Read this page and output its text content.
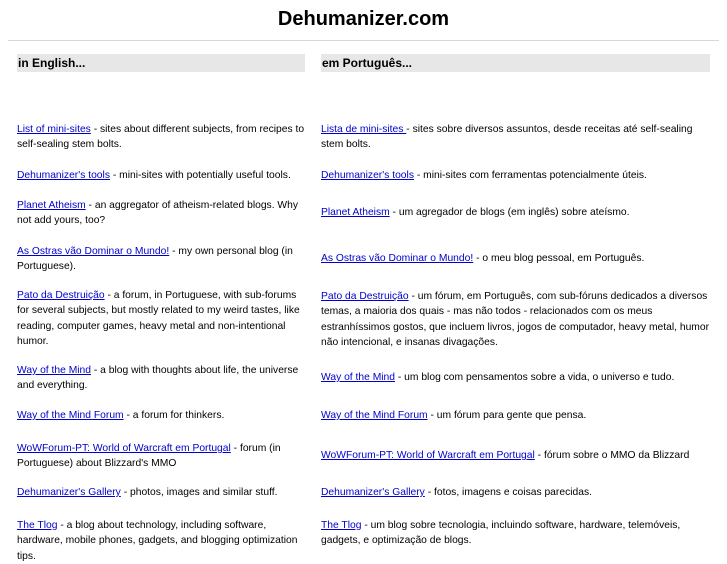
Dehumanizer.com
in English...
List of mini-sites - sites about different subjects, from recipes to self-sealing stem bolts.
Dehumanizer's tools - mini-sites with potentially useful tools.
Planet Atheism - an aggregator of atheism-related blogs. Why not add yours, too?
As Ostras vão Dominar o Mundo! - my own personal blog (in Portuguese).
Pato da Destruição - a forum, in Portuguese, with sub-forums for several subjects, but mostly related to my weird tastes, like reading, computer games, heavy metal and non-intentional humor.
Way of the Mind - a blog with thoughts about life, the universe and everything.
Way of the Mind Forum - a forum for thinkers.
WoWForum-PT: World of Warcraft em Portugal - forum (in Portuguese) about Blizzard's MMO
Dehumanizer's Gallery - photos, images and similar stuff.
The Tlog - a blog about technology, including software, hardware, mobile phones, gadgets, and blogging optimization tips.
em Português...
Lista de mini-sites - sites sobre diversos assuntos, desde receitas até self-sealing stem bolts.
Dehumanizer's tools - mini-sites com ferramentas potencialmente úteis.
Planet Atheism - um agregador de blogs (em inglês) sobre ateísmo.
As Ostras vão Dominar o Mundo! - o meu blog pessoal, em Português.
Pato da Destruição - um fórum, em Português, com sub-fóruns dedicados a diversos temas, a maioria dos quais - mas não todos - relacionados com os meus estranhíssimos gostos, que incluem livros, jogos de computador, heavy metal, humor não intencional, e insanas divagações.
Way of the Mind - um blog com pensamentos sobre a vida, o universo e tudo.
Way of the Mind Forum - um fórum para gente que pensa.
WoWForum-PT: World of Warcraft em Portugal - fórum sobre o MMO da Blizzard
Dehumanizer's Gallery - fotos, imagens e coisas parecidas.
The Tlog - um blog sobre tecnologia, incluindo software, hardware, telemóveis, gadgets, e optimização de blogs.
